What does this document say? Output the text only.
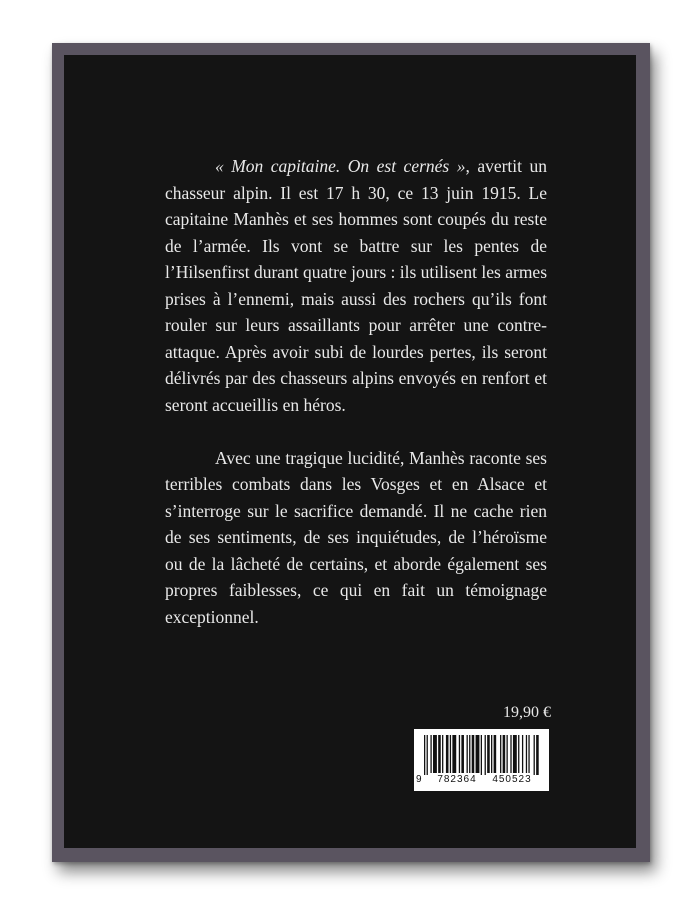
« Mon capitaine. On est cernés », avertit un chasseur alpin. Il est 17 h 30, ce 13 juin 1915. Le capitaine Manhès et ses hommes sont coupés du reste de l’armée. Ils vont se battre sur les pentes de l’Hilsenfirst durant quatre jours : ils utilisent les armes prises à l’ennemi, mais aussi des rochers qu’ils font rouler sur leurs assaillants pour arrêter une contre-attaque. Après avoir subi de lourdes pertes, ils seront délivrés par des chasseurs alpins envoyés en renfort et seront accueillis en héros.

Avec une tragique lucidité, Manhès raconte ses terribles combats dans les Vosges et en Alsace et s’interroge sur le sacrifice demandé. Il ne cache rien de ses sentiments, de ses inquiétudes, de l’héroïsme ou de la lâcheté de certains, et aborde également ses propres faiblesses, ce qui en fait un témoignage exceptionnel.

19,90 €
9	782364	450523
